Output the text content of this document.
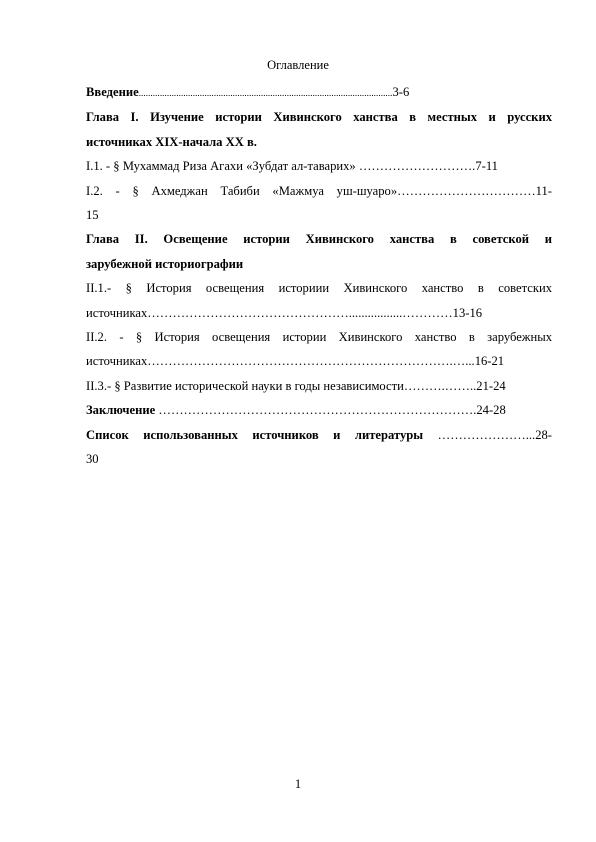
Оглавление
Введение............................................................................................................3-6
Глава I. Изучение истории Хивинского ханства в местных и русских
источниках XIX-начала XX в.
I.1. - § Мухаммад Риза Агахи «Зубдат ал-таварих» ……………………….7-11
I.2. - § Ахмеджан Табиби «Мажмуа уш-шуаро»……………………………11-
15
Глава II. Освещение истории Хивинского ханства в советской и
зарубежной историографии
II.1.- § История освещения историии Хивинского ханство в советских
источниках………………………………………….................…………13-16
II.2. - § История освещения истории Хивинского ханство в зарубежных
источниках……………………………………………………………….…...16-21
II.3.- § Развитие исторической науки в годы независимости……….……..21-24
Заключение ………………………………………………………………….24-28
Список использованных источников и литературы …………………...28-
30
1
